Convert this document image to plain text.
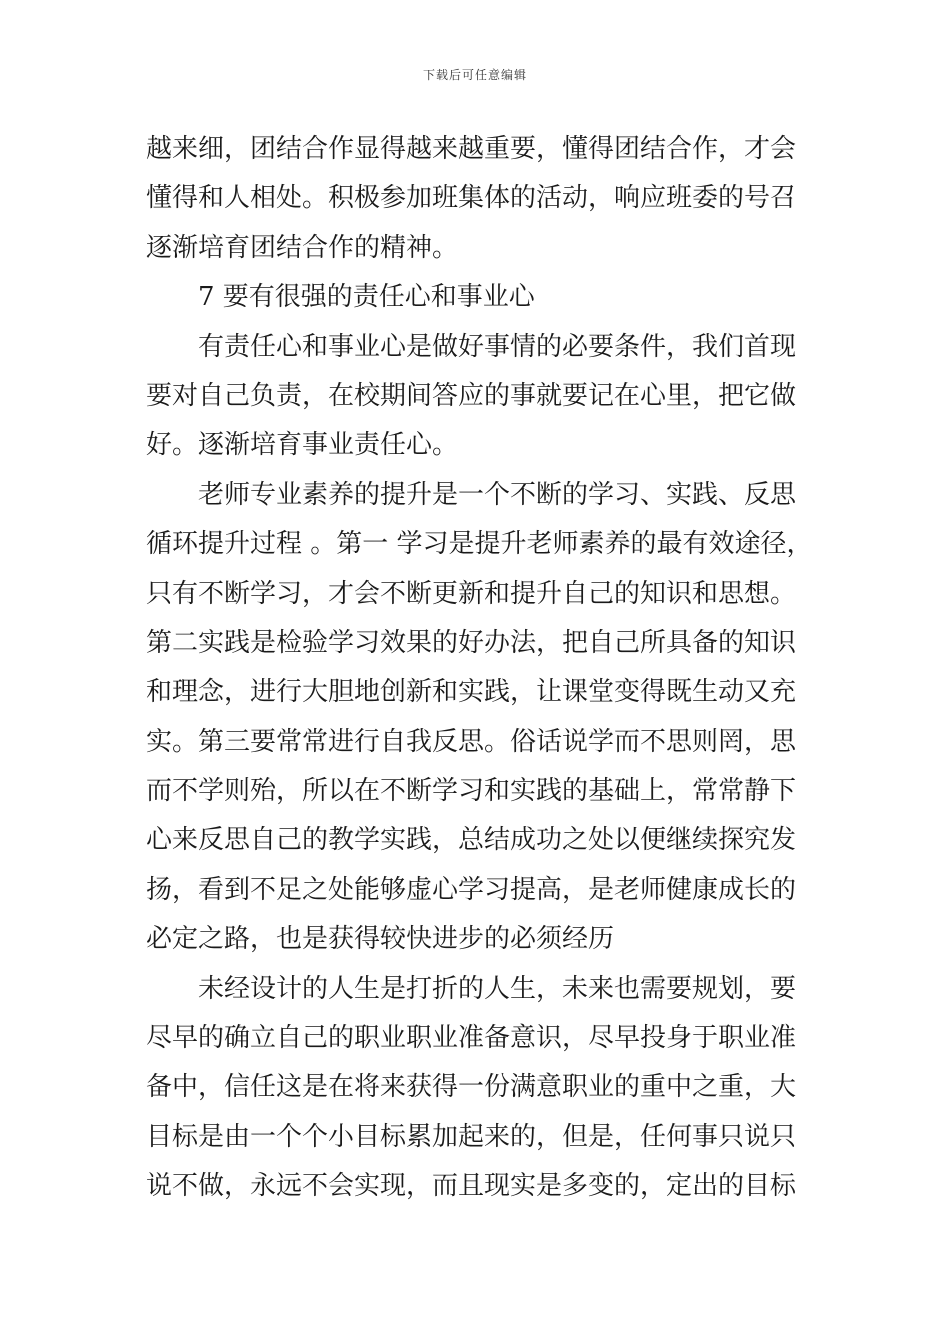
下载后可任意编辑
越来细，团结合作显得越来越重要，懂得团结合作，才会
懂得和人相处。积极参加班集体的活动，响应班委的号召
逐渐培育团结合作的精神。
7 要有很强的责任心和事业心
有责任心和事业心是做好事情的必要条件，我们首现
要对自己负责，在校期间答应的事就要记在心里，把它做
好。逐渐培育事业责任心。
老师专业素养的提升是一个不断的学习、实践、反思
循环提升过程 。第一 学习是提升老师素养的最有效途径，
只有不断学习，才会不断更新和提升自己的知识和思想。
第二实践是检验学习效果的好办法，把自己所具备的知识
和理念，进行大胆地创新和实践，让课堂变得既生动又充
实。第三要常常进行自我反思。俗话说学而不思则罔，思
而不学则殆，所以在不断学习和实践的基础上，常常静下
心来反思自己的教学实践，总结成功之处以便继续探究发
扬，看到不足之处能够虚心学习提高，是老师健康成长的
必定之路，也是获得较快进步的必须经历
未经设计的人生是打折的人生，未来也需要规划，要
尽早的确立自己的职业职业准备意识，尽早投身于职业准
备中，信任这是在将来获得一份满意职业的重中之重，大
目标是由一个个小目标累加起来的，但是，任何事只说只
说不做，永远不会实现，而且现实是多变的，定出的目标
